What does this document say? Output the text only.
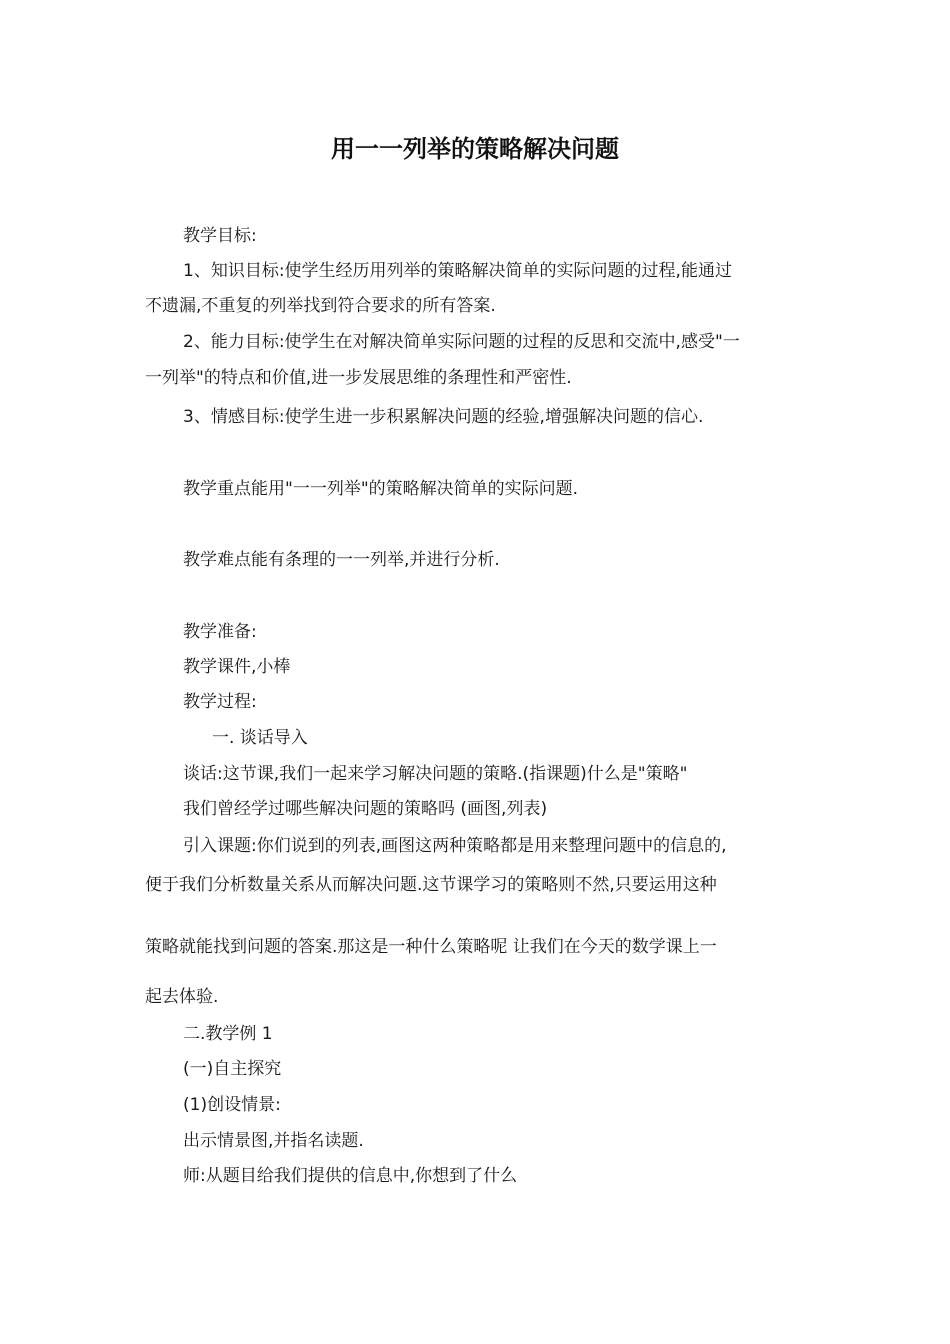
用一一列举的策略解决问题
教学目标:
1、知识目标:使学生经历用列举的策略解决简单的实际问题的过程,能通过
不遗漏,不重复的列举找到符合要求的所有答案.
2、能力目标:使学生在对解决简单实际问题的过程的反思和交流中,感受"一
一列举"的特点和价值,进一步发展思维的条理性和严密性.
3、情感目标:使学生进一步积累解决问题的经验,增强解决问题的信心.
教学重点能用"一一列举"的策略解决简单的实际问题.
教学难点能有条理的一一列举,并进行分析.
教学准备:
教学课件,小棒
教学过程:
一. 谈话导入
谈话:这节课,我们一起来学习解决问题的策略.(指课题)什么是"策略"
我们曾经学过哪些解决问题的策略吗 (画图,列表)
引入课题:你们说到的列表,画图这两种策略都是用来整理问题中的信息的,
便于我们分析数量关系从而解决问题.这节课学习的策略则不然,只要运用这种
策略就能找到问题的答案.那这是一种什么策略呢 让我们在今天的数学课上一
起去体验.
二.教学例 1
(一)自主探究
(1)创设情景:
出示情景图,并指名读题.
师:从题目给我们提供的信息中,你想到了什么
